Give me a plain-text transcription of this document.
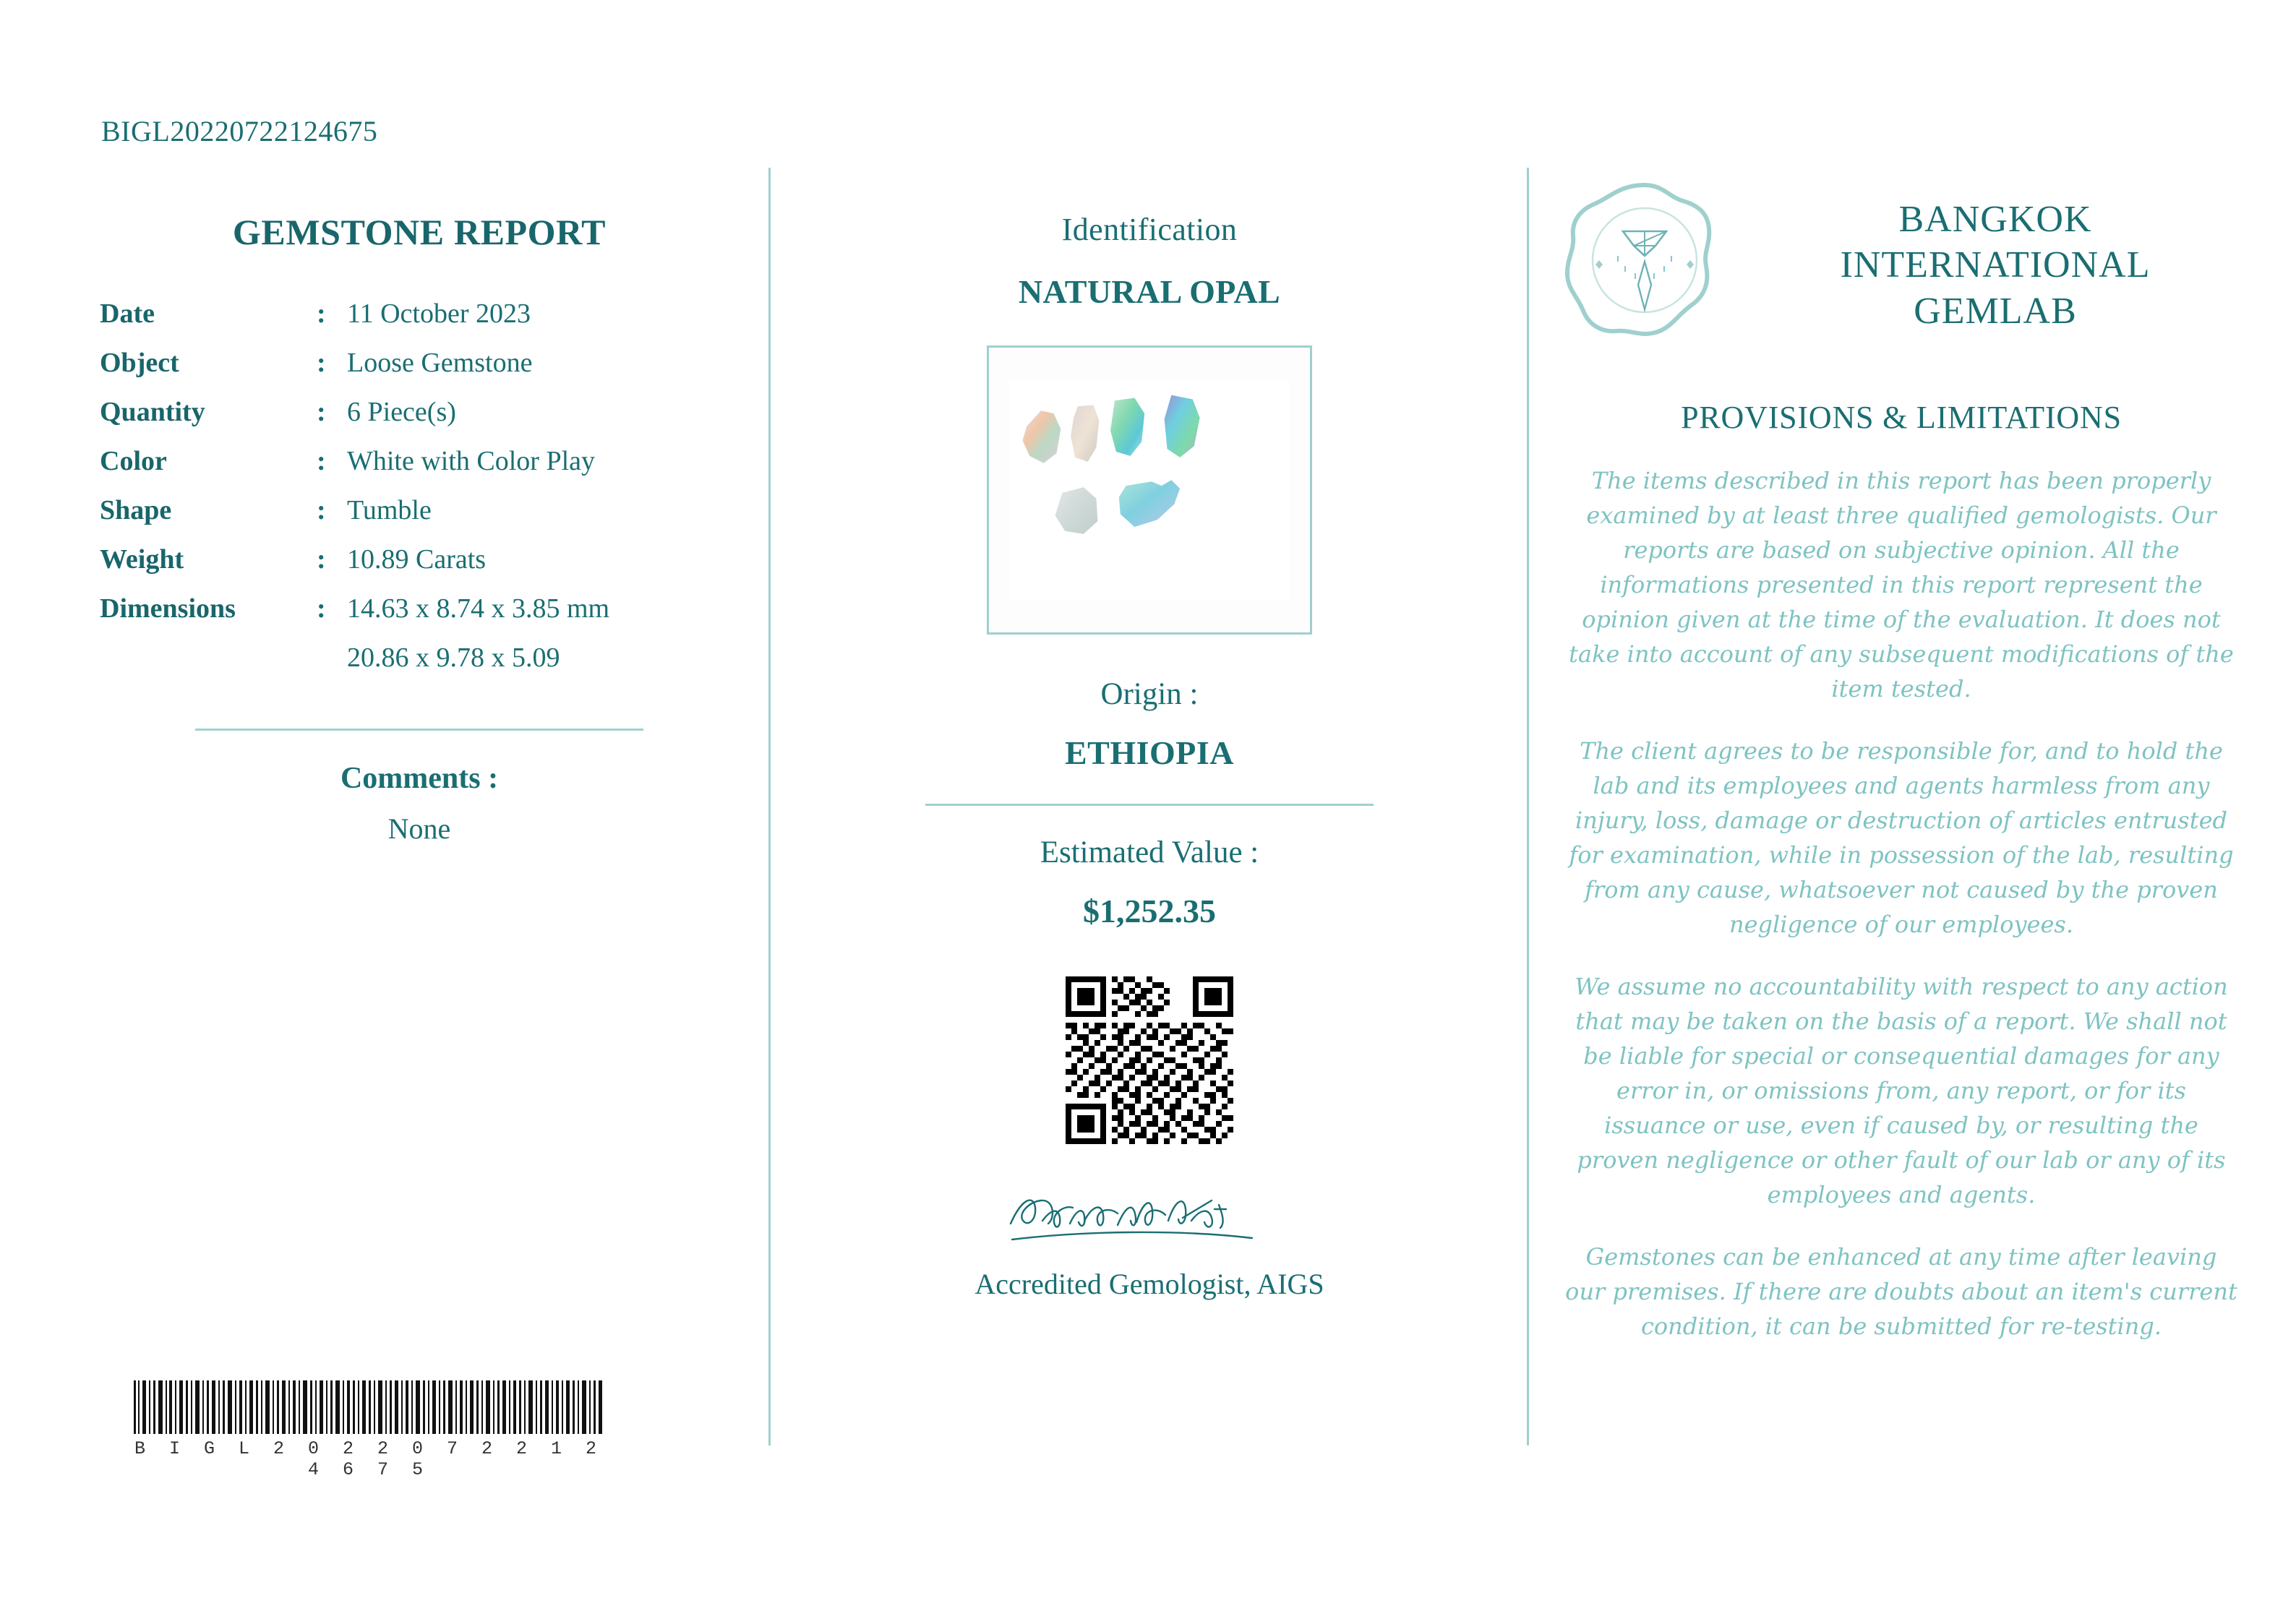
BIGL20220722124675
GEMSTONE REPORT
Date	:	11 October 2023
Object	:	Loose Gemstone
Quantity	:	6 Piece(s)
Color	:	White with Color Play
Shape	:	Tumble
Weight	:	10.89 Carats
Dimensions	:	14.63 x 8.74 x 3.85 mm
		20.86 x 9.78 x 5.09
Comments :
None
B I G L 2 0 2 2 0 7 2 2 1 2 4 6 7 5
Identification
NATURAL OPAL
Origin :
ETHIOPIA
Estimated Value :
$1,252.35
Accredited Gemologist, AIGS
BANGKOK
INTERNATIONAL
GEMLAB
PROVISIONS & LIMITATIONS
The items described in this report has been properly examined by at least three qualified gemologists. Our reports are based on subjective opinion. All the informations presented in this report represent the opinion given at the time of the evaluation. It does not take into account of any subsequent modifications of the item tested.
The client agrees to be responsible for, and to hold the lab and its employees and agents harmless from any injury, loss, damage or destruction of articles entrusted for examination, while in possession of the lab, resulting from any cause, whatsoever not caused by the proven negligence of our employees.
We assume no accountability with respect to any action that may be taken on the basis of a report. We shall not be liable for special or consequential damages for any error in, or omissions from, any report, or for its issuance or use, even if caused by, or resulting the proven negligence or other fault of our lab or any of its employees and agents.
Gemstones can be enhanced at any time after leaving our premises. If there are doubts about an item's current condition, it can be submitted for re-testing.
